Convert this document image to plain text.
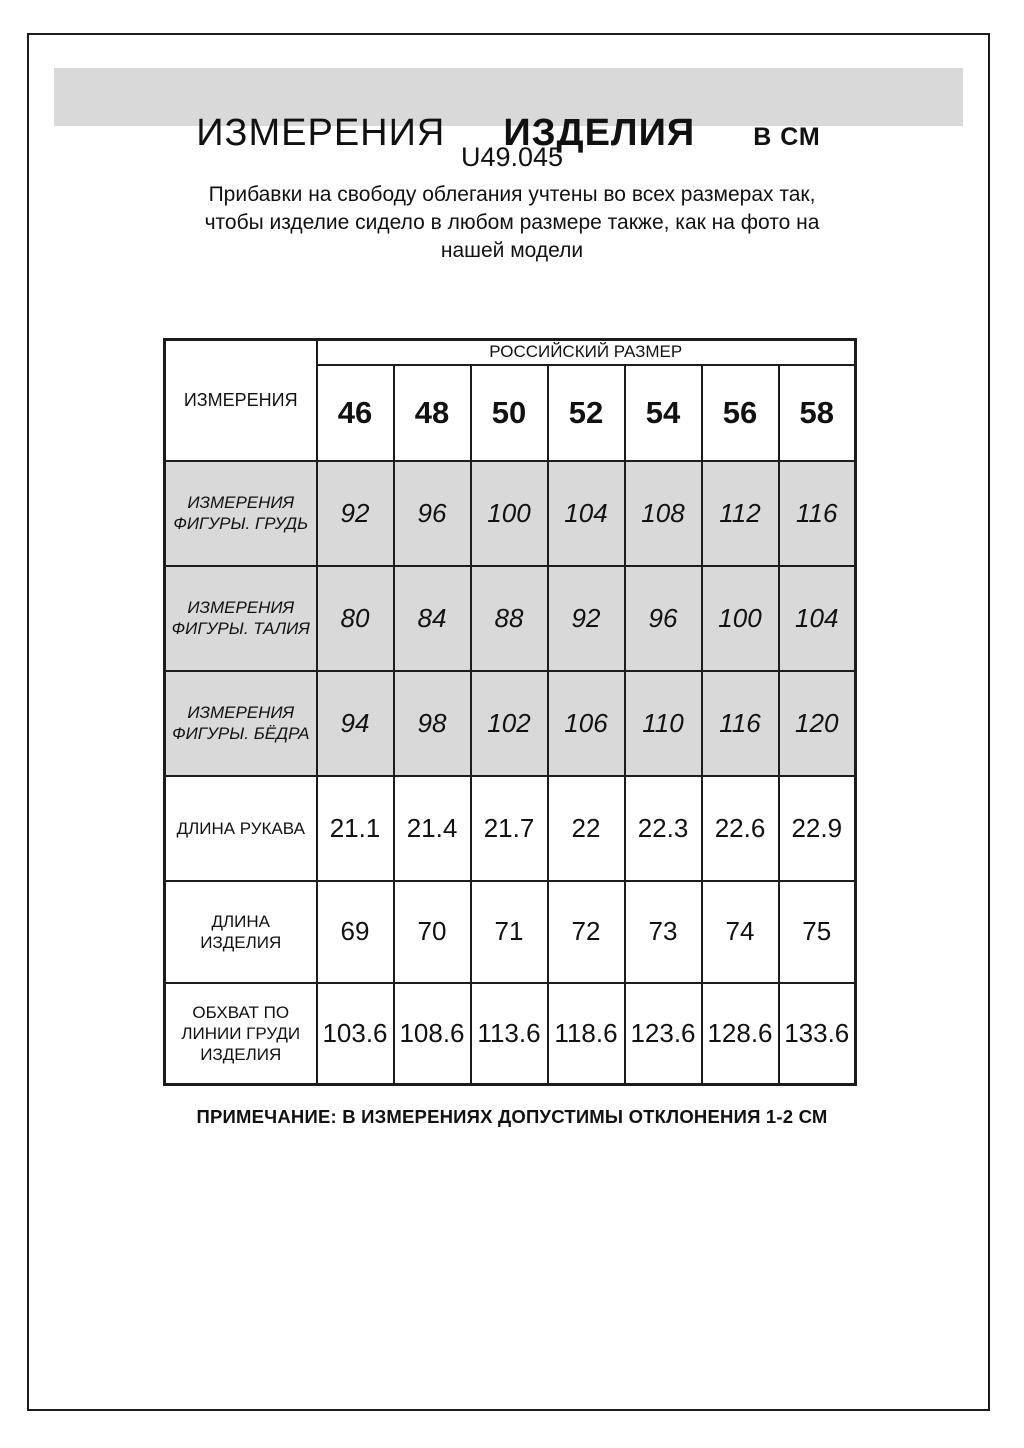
ИЗМЕРЕНИЯ ИЗДЕЛИЯ В СМ
U49.045
Прибавки на свободу облегания учтены во всех размерах так,
чтобы изделие сидело в любом размере также, как на фото на
нашей модели
ИЗМЕРЕНИЯ	РОССИЙСКИЙ РАЗМЕР						
	46	48	50	52	54	56	58
ИЗМЕРЕНИЯ ФИГУРЫ. ГРУДЬ	92	96	100	104	108	112	116
ИЗМЕРЕНИЯ ФИГУРЫ. ТАЛИЯ	80	84	88	92	96	100	104
ИЗМЕРЕНИЯ ФИГУРЫ. БЁДРА	94	98	102	106	110	116	120
ДЛИНА РУКАВА	21.1	21.4	21.7	22	22.3	22.6	22.9
ДЛИНА ИЗДЕЛИЯ	69	70	71	72	73	74	75
ОБХВАТ ПО ЛИНИИ ГРУДИ ИЗДЕЛИЯ	103.6	108.6	113.6	118.6	123.6	128.6	133.6
ПРИМЕЧАНИЕ: В ИЗМЕРЕНИЯХ ДОПУСТИМЫ ОТКЛОНЕНИЯ 1-2 СМ
